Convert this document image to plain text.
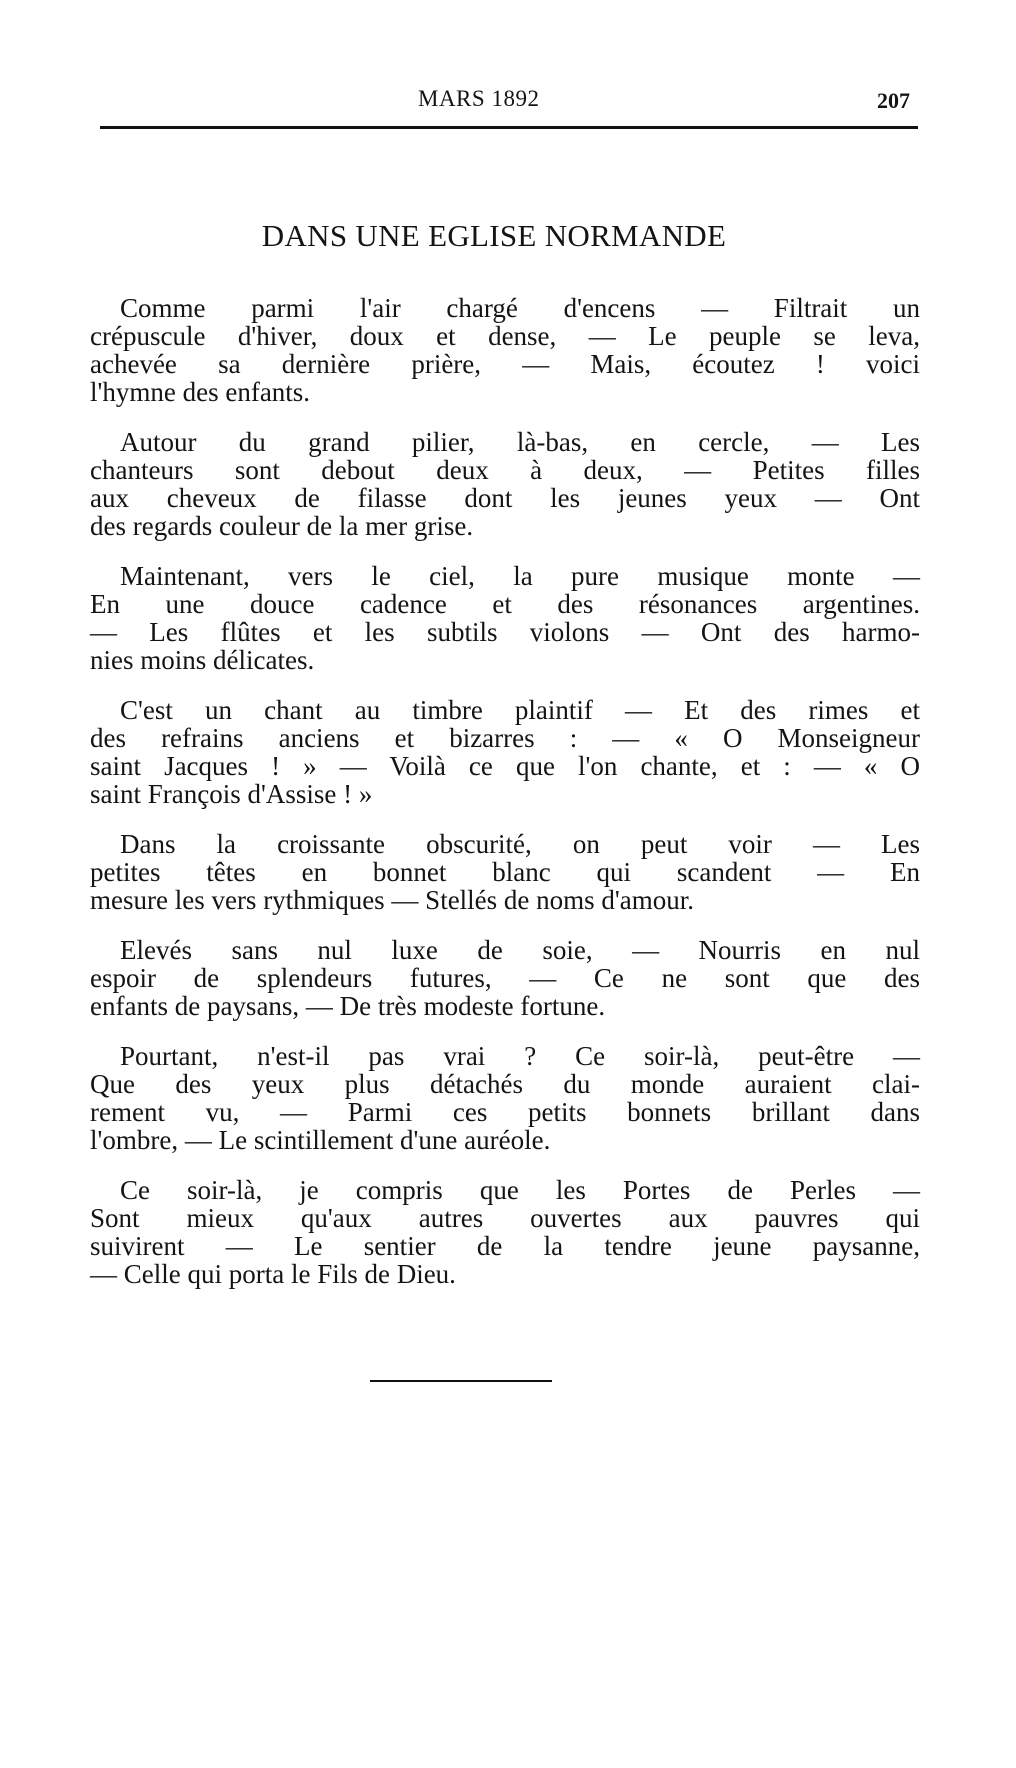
MARS 1892	207
DANS UNE EGLISE NORMANDE
Comme parmi l'air chargé d'encens — Filtrait un
crépuscule d'hiver, doux et dense, — Le peuple se leva,
achevée sa dernière prière, — Mais, écoutez ! voici
l'hymne des enfants.
Autour du grand pilier, là-bas, en cercle, — Les
chanteurs sont debout deux à deux, — Petites filles
aux cheveux de filasse dont les jeunes yeux — Ont
des regards couleur de la mer grise.
Maintenant, vers le ciel, la pure musique monte —
En une douce cadence et des résonances argentines.
— Les flûtes et les subtils violons — Ont des harmo-
nies moins délicates.
C'est un chant au timbre plaintif — Et des rimes et
des refrains anciens et bizarres : — « O Monseigneur
saint Jacques ! » — Voilà ce que l'on chante, et : — « O
saint François d'Assise ! »
Dans la croissante obscurité, on peut voir — Les
petites têtes en bonnet blanc qui scandent — En
mesure les vers rythmiques — Stellés de noms d'amour.
Elevés sans nul luxe de soie, — Nourris en nul
espoir de splendeurs futures, — Ce ne sont que des
enfants de paysans, — De très modeste fortune.
Pourtant, n'est-il pas vrai ? Ce soir-là, peut-être —
Que des yeux plus détachés du monde auraient clai-
rement vu, — Parmi ces petits bonnets brillant dans
l'ombre, — Le scintillement d'une auréole.
Ce soir-là, je compris que les Portes de Perles —
Sont mieux qu'aux autres ouvertes aux pauvres qui
suivirent — Le sentier de la tendre jeune paysanne,
— Celle qui porta le Fils de Dieu.
